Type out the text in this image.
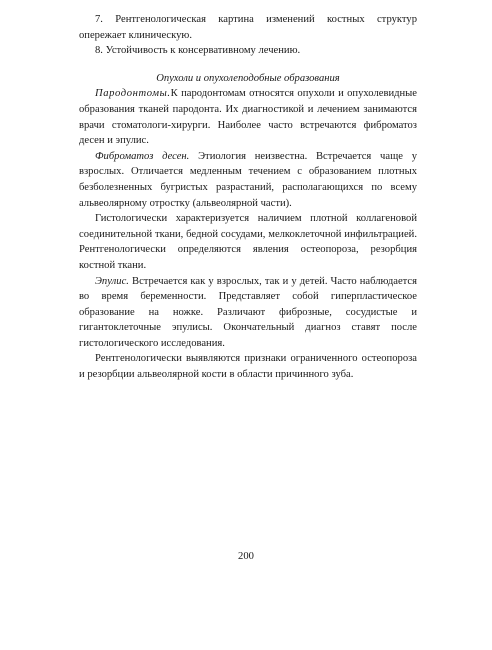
7. Рентгенологическая картина изменений костных структур опережает клиническую.

8. Устойчивость к консервативному лечению.

Опухоли и опухолеподобные образования

Пародонтомы.К пародонтомам относятся опухоли и опухолевидные образования тканей пародонта. Их диагностикой и лечением занимаются врачи стоматологи-хирурги. Наиболее часто встречаются фиброматоз десен и эпулис.

Фиброматоз десен. Этиология неизвестна. Встречается чаще у взрослых. Отличается медленным течением с образованием плотных безболезненных бугристых разрастаний, располагающихся по всему альвеолярному отростку (альвеолярной части).

Гистологически характеризуется наличием плотной коллагеновой соединительной ткани, бедной сосудами, мелкоклеточной инфильтрацией. Рентгенологически определяются явления остеопороза, резорбция костной ткани.

Эпулис. Встречается как у взрослых, так и у детей. Часто наблюдается во время беременности. Представляет собой гиперпластическое образование на ножке. Различают фиброзные, сосудистые и гигантоклеточные эпулисы. Окончательный диагноз ставят после гистологического исследования.

Рентгенологически выявляются признаки ограниченного остеопороза и резорбции альвеолярной кости в области причинного зуба.

200
